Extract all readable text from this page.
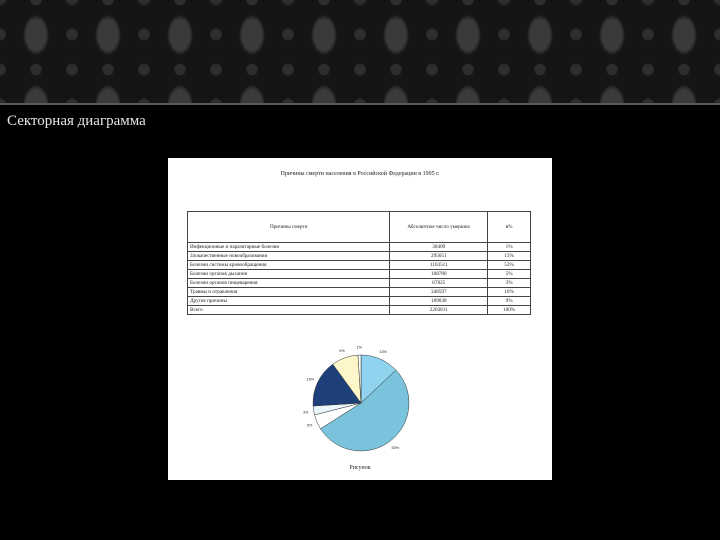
Секторная диаграмма
Причины смерти населения в Российской Федерации в 1995 г.
Причины смерти	Абсолютное число умерших	в%
Инфекционные и паразитарные болезни	30409	1%
Злокачественные новообразования	295651	13%
Болезни системы кровообращения	1163511	53%
Болезни органов дыхания	108780	5%
Болезни органов пищеварения	67825	3%
Травмы и отравления	348597	16%
Другие причины	189038	9%
Всего	2203811	100%
13%
53%
5%
3%
16%
9%
1%
Рисунок
